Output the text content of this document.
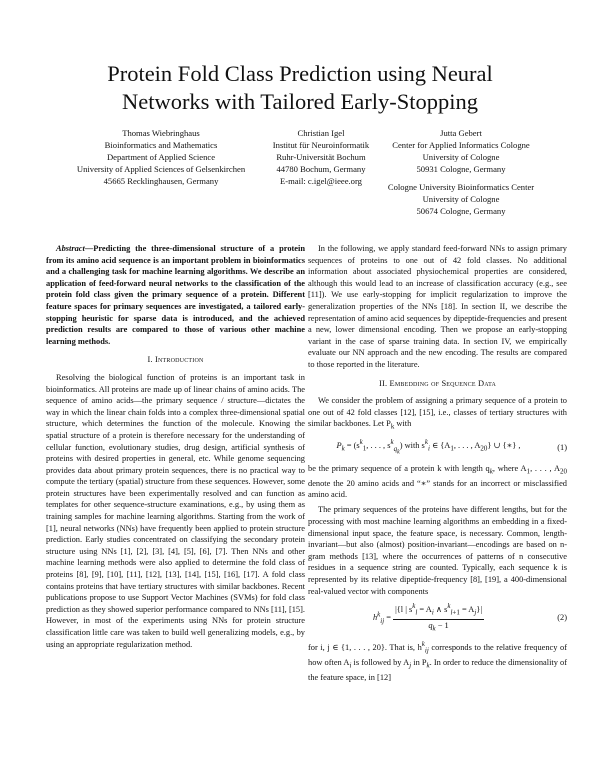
Protein Fold Class Prediction using Neural
Networks with Tailored Early-Stopping
Thomas Wiebringhaus
Bioinformatics and Mathematics
Department of Applied Science
University of Applied Sciences of Gelsenkirchen
45665 Recklinghausen, Germany
Christian Igel
Institut für Neuroinformatik
Ruhr-Universität Bochum
44780 Bochum, Germany
E-mail: c.igel@ieee.org
Jutta Gebert
Center for Applied Informatics Cologne
University of Cologne
50931 Cologne, Germany
Cologne University Bioinformatics Center
University of Cologne
50674 Cologne, Germany

Abstract—Predicting the three-dimensional structure of a protein from its amino acid sequence is an important problem in bioinformatics and a challenging task for machine learning algorithms. We describe an application of feed-forward neural networks to the classification of the protein fold class given the primary sequence of a protein. Different feature spaces for primary sequences are investigated, a tailored early-stopping heuristic for sparse data is introduced, and the achieved prediction results are compared to those of various other machine learning methods.

I. Introduction

Resolving the biological function of proteins is an important task in bioinformatics. All proteins are made up of linear chains of amino acids. The sequence of amino acids—the primary sequence / structure—dictates the way in which the linear chain folds into a complex three-dimensional spatial structure, which determines the function of the molecule. Knowing the spatial structure of a protein is therefore necessary for the understanding of cellular function, evolutionary studies, drug design, artificial synthesis of proteins with desired properties in general, etc. While genome sequencing provides data about primary protein sequences, there is no practical way to compute the tertiary (spatial) structure from these sequences. However, some protein structures have been experimentally resolved and can function as templates for other sequence-structure examinations, e.g., by using them as training samples for machine learning algorithms. Starting from the work of [1], neural networks (NNs) have frequently been applied to protein structure prediction. Early studies concentrated on classifying the secondary protein structure using NNs [1], [2], [3], [4], [5], [6], [7]. Then NNs and other machine learning methods were also applied to determine the fold class of proteins [8], [9], [10], [11], [12], [13], [14], [15], [16], [17]. A fold class contains proteins that have tertiary structures with similar backbones. Recent publications propose to use Support Vector Machines (SVMs) for fold class prediction as they showed superior performance compared to NNs [11], [15]. However, in most of the experiments using NNs for protein structure classification little care was taken to build well generalizing models, e.g., by using an appropriate regularization method.

In the following, we apply standard feed-forward NNs to assign primary sequences of proteins to one out of 42 fold classes. No additional information about associated physiochemical properties are considered, although this would lead to an increase of classification accuracy (e.g., see [11]). We use early-stopping for implicit regularization to improve the generalization properties of the NNs [18]. In section II, we describe the representation of amino acid sequences by dipeptide-frequencies and present a new, lower dimensional encoding. Then we propose an early-stopping variant in the case of sparse training data. In section IV, we empirically evaluate our NN approach and the new encoding. The results are compared to those reported in the literature.

II. Embedding of Sequence Data

We consider the problem of assigning a primary sequence of a protein to one out of 42 fold classes [12], [15], i.e., classes of tertiary structures with similar backbones. Let $P_k$ with

$P_k = (s^k_1$, . . . , $s^k_{q_k}$) with $s^k_i$ ∈ {$A_1$, . . . , $A_{20}$} ∪ {∗} ,	(1)

be the primary sequence of a protein k with length $q_k$, where $A_1$, . . . , $A_{20}$ denote the 20 amino acids and “∗” stands for an incorrect or misclassified amino acid.

The primary sequences of the proteins have different lengths, but for the processing with most machine learning algorithms an embedding in a fixed-dimensional input space, the feature space, is necessary. Common, length-invariant—but also (almost) position-invariant—encodings are based on n-gram methods [13], where the occurrences of patterns of n consecutive residues in a sequence string are counted. Typically, each sequence k is represented by its relative dipeptide-frequency [8], [19], a 400-dimensional real-valued vector with components

$h^k_{ij} = \frac{|\{l | s^k_l = A_i \wedge s^k_{l+1} = A_j\}|}{q_k - 1}$	(2)

for i, j ∈ {1, . . . , 20}. That is, $h^k_{ij}$ corresponds to the relative frequency of how often $A_i$ is followed by $A_j$ in $P_k$. In order to reduce the dimensionality of the feature space, in [12]
